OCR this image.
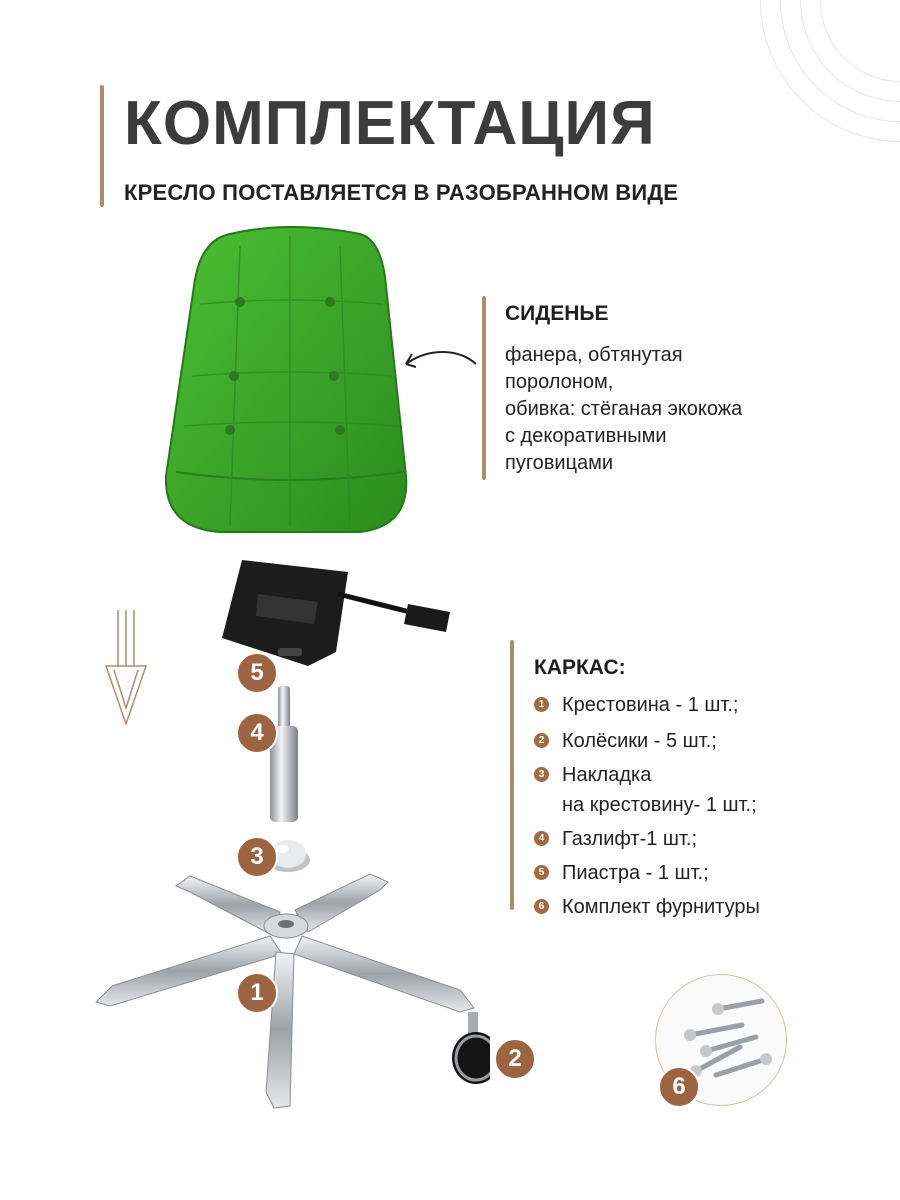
КОМПЛЕКТАЦИЯ
КРЕСЛО ПОСТАВЛЯЕТСЯ В РАЗОБРАННОМ ВИДЕ
СИДЕНЬЕ
фанера, обтянутая
поролоном,
обивка: стёганая экокожа
с декоративными
пуговицами
КАРКАС:
1 Крестовина - 1 шт.;
2 Колёсики - 5 шт.;
3 Накладка
на крестовину- 1 шт.;
4 Газлифт-1 шт.;
5 Пиастра - 1 шт.;
6 Комплект фурнитуры
5
4
3
1
2
6
